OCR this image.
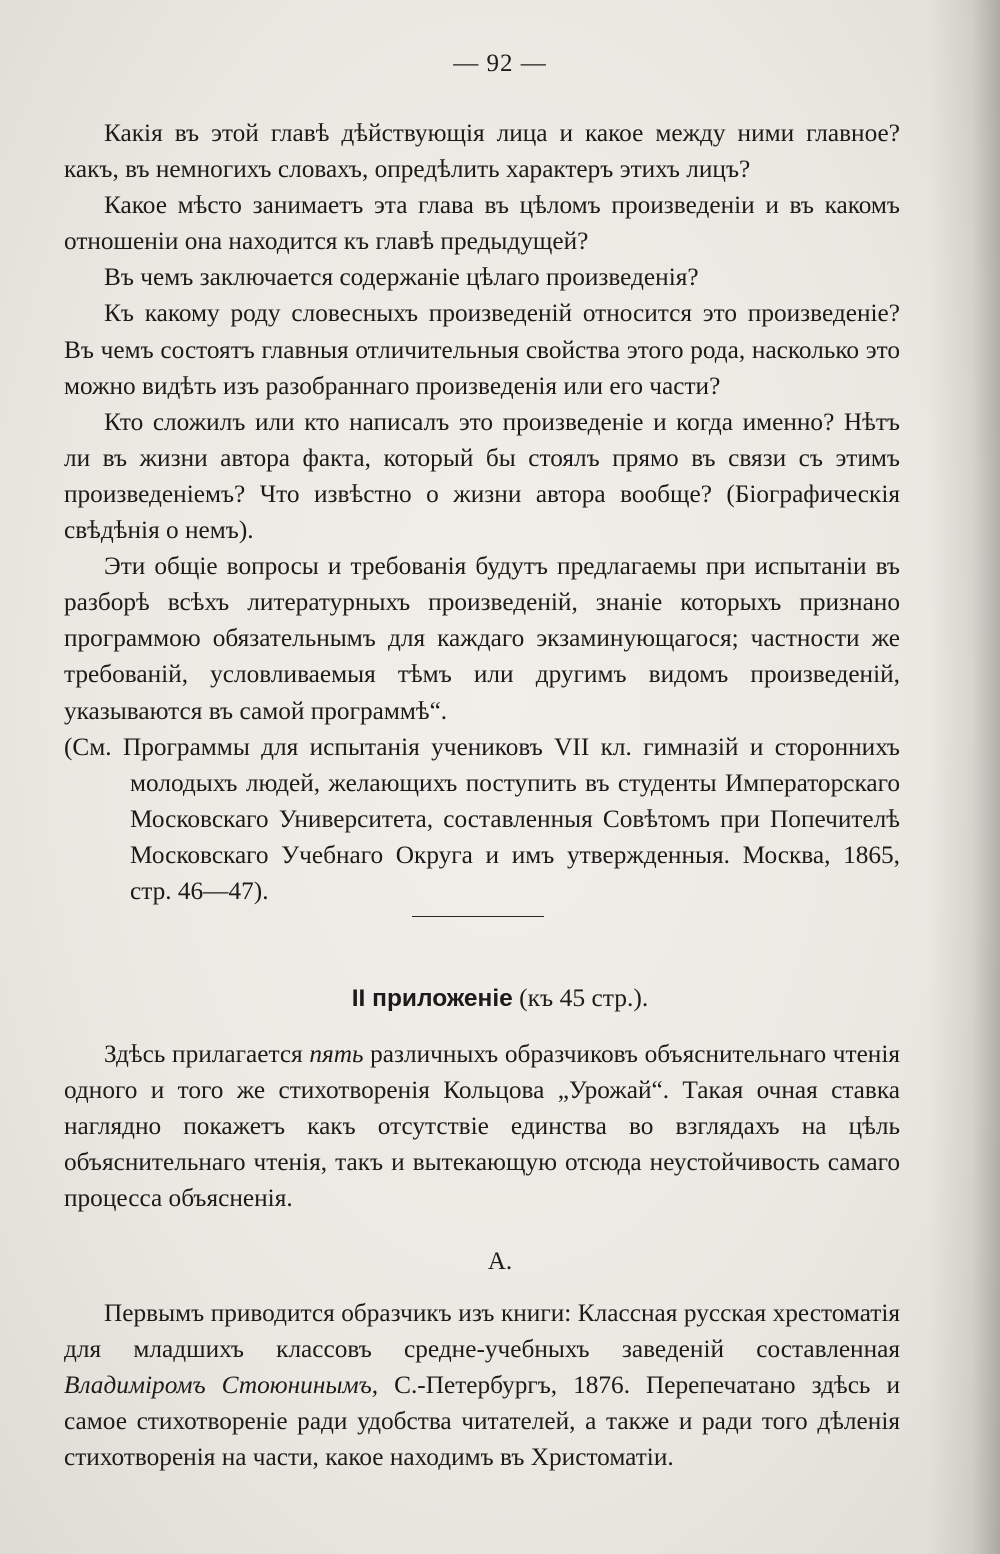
— 92 —

Какія въ этой главѣ дѣйствующія лица и какое между ними главное? какъ, въ немногихъ словахъ, опредѣлить характеръ этихъ лицъ?

Какое мѣсто занимаетъ эта глава въ цѣломъ произведеніи и въ какомъ отношеніи она находится къ главѣ предыдущей?

Въ чемъ заключается содержаніе цѣлаго произведенія?

Къ какому роду словесныхъ произведеній относится это произведеніе? Въ чемъ состоятъ главныя отличительныя свойства этого рода, насколько это можно видѣть изъ разобраннаго произведенія или его части?

Кто сложилъ или кто написалъ это произведеніе и когда именно? Нѣтъ ли въ жизни автора факта, который бы стоялъ прямо въ связи съ этимъ произведеніемъ? Что извѣстно о жизни автора вообще? (Біографическія свѣдѣнія о немъ).

Эти общіе вопросы и требованія будутъ предлагаемы при испытаніи въ разборѣ всѣхъ литературныхъ произведеній, знаніе которыхъ признано программою обязательнымъ для каждаго экзаминующагося; частности же требованій, условливаемыя тѣмъ или другимъ видомъ произведеній, указываются въ самой программѣ“.

(См. Программы для испытанія учениковъ VII кл. гимназій и стороннихъ молодыхъ людей, желающихъ поступить въ студенты Императорскаго Московскаго Университета, составленныя Совѣтомъ при Попечителѣ Московскаго Учебнаго Округа и имъ утвержденныя. Москва, 1865, стр. 46—47).

II приложеніе (къ 45 стр.).

Здѣсь прилагается пять различныхъ образчиковъ объяснительнаго чтенія одного и того же стихотворенія Кольцова „Урожай“. Такая очная ставка наглядно покажетъ какъ отсутствіе единства во взглядахъ на цѣль объяснительнаго чтенія, такъ и вытекающую отсюда неустойчивость самаго процесса объясненія.

А.

Первымъ приводится образчикъ изъ книги: Классная русская хрестоматія для младшихъ классовъ средне-учебныхъ заведеній составленная Владиміромъ Стоюнинымъ, С.-Петербургъ, 1876. Перепечатано здѣсь и самое стихотвореніе ради удобства читателей, а также и ради того дѣленія стихотворенія на части, какое находимъ въ Христоматіи.
